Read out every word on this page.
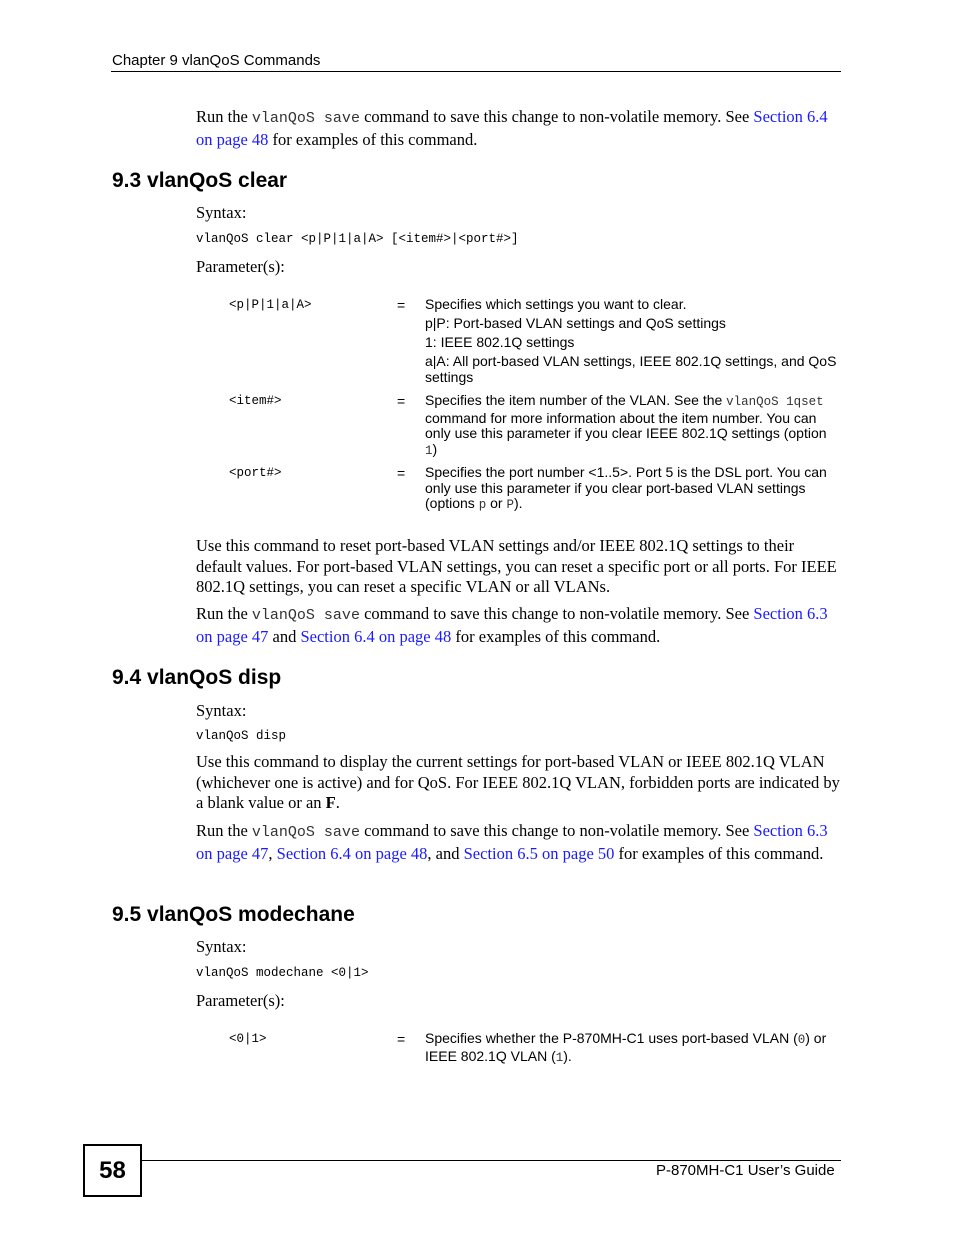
Chapter 9 vlanQoS Commands
Run the vlanQoS save command to save this change to non-volatile memory. See Section 6.4 on page 48 for examples of this command.
9.3 vlanQoS clear
Syntax:
vlanQoS clear <p|P|1|a|A> [<item#>|<port#>]
Parameter(s):
<p|P|1|a|A>	= Specifies which settings you want to clear.

p|P: Port-based VLAN settings and QoS settings

1: IEEE 802.1Q settings

a|A: All port-based VLAN settings, IEEE 802.1Q settings, and QoS settings

<item#>	= Specifies the item number of the VLAN. See the vlanQoS 1qset command for more information about the item number. You can only use this parameter if you clear IEEE 802.1Q settings (option 1)
<port#>	= Specifies the port number <1..5>. Port 5 is the DSL port. You can only use this parameter if you clear port-based VLAN settings (options p or P).
Use this command to reset port-based VLAN settings and/or IEEE 802.1Q settings to their default values. For port-based VLAN settings, you can reset a specific port or all ports. For IEEE 802.1Q settings, you can reset a specific VLAN or all VLANs.
Run the vlanQoS save command to save this change to non-volatile memory. See Section 6.3 on page 47 and Section 6.4 on page 48 for examples of this command.
9.4 vlanQoS disp
Syntax:
vlanQoS disp
Use this command to display the current settings for port-based VLAN or IEEE 802.1Q VLAN (whichever one is active) and for QoS. For IEEE 802.1Q VLAN, forbidden ports are indicated by a blank value or an F.
Run the vlanQoS save command to save this change to non-volatile memory. See Section 6.3 on page 47, Section 6.4 on page 48, and Section 6.5 on page 50 for examples of this command.
9.5 vlanQoS modechane
Syntax:
vlanQoS modechane <0|1>
Parameter(s):
<0|1>	= Specifies whether the P-870MH-C1 uses port-based VLAN (0) or IEEE 802.1Q VLAN (1).
58	P-870MH-C1 User’s Guide
